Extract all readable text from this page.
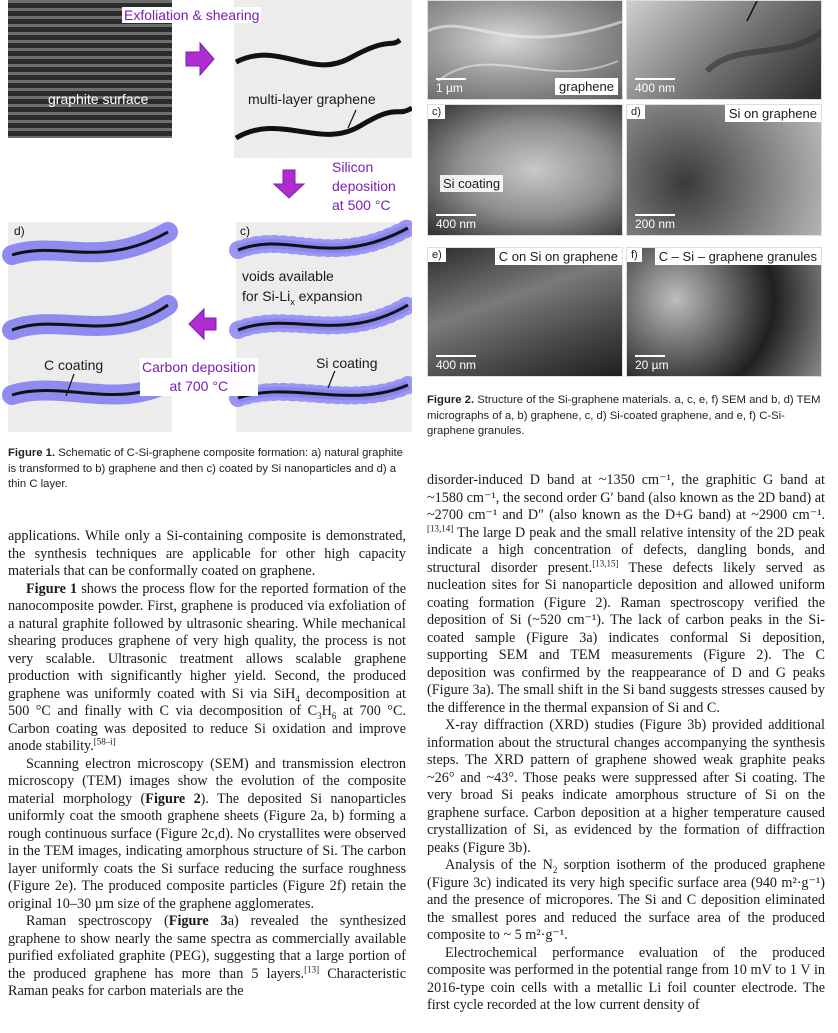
Exfoliation & shearing
graphite surface	multi-layer graphene
Silicon
deposition
at 500 °C
d)	c)
voids available
for $Si-Li_x$ expansion
Si coating
C coating	Carbon deposition
at 700 °C
Figure 1. Schematic of C-Si-graphene composite formation: a) natural graphite is transformed to b) graphene and then c) coated by Si nanoparticles and d) a thin C layer.
graphene
1 µm	400 nm
c)
Si coating
400 nm
d)	Si on graphene
200 nm
e)	C on Si on graphene
400 nm
f)	C – Si – graphene granules
20 µm
Figure 2. Structure of the Si-graphene materials. a, c, e, f) SEM and b, d) TEM micrographs of a, b) graphene, c, d) Si-coated graphene, and e, f) C-Si-graphene granules.

applications. While only a Si-containing composite is demonstrated, the synthesis techniques are applicable for other high capacity materials that can be conformally coated on graphene.

Figure 1 shows the process flow for the reported formation of the nanocomposite powder. First, graphene is produced via exfoliation of a natural graphite followed by ultrasonic shearing. While mechanical shearing produces graphene of very high quality, the process is not very scalable. Ultrasonic treatment allows scalable graphene production with significantly higher yield. Second, the produced graphene was uniformly coated with Si via SiH$_4$ decomposition at 500 °C and finally with C via decomposition of $C_3H_6$ at 700 °C. Carbon coating was deposited to reduce Si oxidation and improve anode stability.[58–i]

Scanning electron microscopy (SEM) and transmission electron microscopy (TEM) images show the evolution of the composite material morphology (Figure 2). The deposited Si nanoparticles uniformly coat the smooth graphene sheets (Figure 2a, b) forming a rough continuous surface (Figure 2c,d). No crystallites were observed in the TEM images, indicating amorphous structure of Si. The carbon layer uniformly coats the Si surface reducing the surface roughness (Figure 2e). The produced composite particles (Figure 2f) retain the original 10–30 µm size of the graphene agglomerates.

Raman spectroscopy (Figure 3a) revealed the synthesized graphene to show nearly the same spectra as commercially available purified exfoliated graphite (PEG), suggesting that a large portion of the produced graphene has more than 5 layers.[13] Characteristic Raman peaks for carbon materials are the

disorder-induced D band at ~1350 cm⁻¹, the graphitic G band at ~1580 cm⁻¹, the second order G′ band (also known as the 2D band) at ~2700 cm⁻¹ and D″ (also known as the D+G band) at ~2900 cm⁻¹.[13,14] The large D peak and the small relative intensity of the 2D peak indicate a high concentration of defects, dangling bonds, and structural disorder present.[13,15] These defects likely served as nucleation sites for Si nanoparticle deposition and allowed uniform coating formation (Figure 2). Raman spectroscopy verified the deposition of Si (~520 cm⁻¹). The lack of carbon peaks in the Si-coated sample (Figure 3a) indicates conformal Si deposition, supporting SEM and TEM measurements (Figure 2). The C deposition was confirmed by the reappearance of D and G peaks (Figure 3a). The small shift in the Si band suggests stresses caused by the difference in the thermal expansion of Si and C.

X-ray diffraction (XRD) studies (Figure 3b) provided additional information about the structural changes accompanying the synthesis steps. The XRD pattern of graphene showed weak graphite peaks ~26° and ~43°. Those peaks were suppressed after Si coating. The very broad Si peaks indicate amorphous structure of Si on the graphene surface. Carbon deposition at a higher temperature caused crystallization of Si, as evidenced by the formation of diffraction peaks (Figure 3b).

Analysis of the $N_2$ sorption isotherm of the produced graphene (Figure 3c) indicated its very high specific surface area (940 m²·g⁻¹) and the presence of micropores. The Si and C deposition eliminated the smallest pores and reduced the surface area of the produced composite to ~ 5 m²·g⁻¹.

Electrochemical performance evaluation of the produced composite was performed in the potential range from 10 mV to 1 V in 2016-type coin cells with a metallic Li foil counter electrode. The first cycle recorded at the low current density of
